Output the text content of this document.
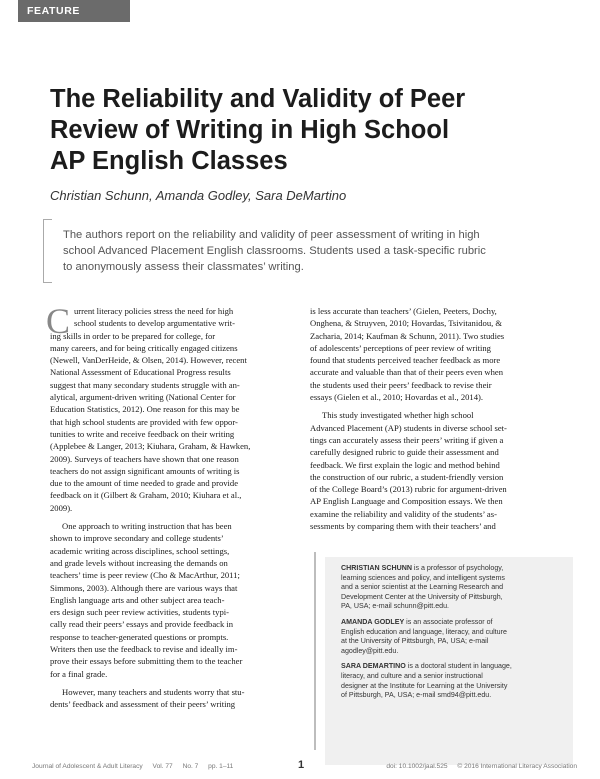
FEATURE ARTICLE
The Reliability and Validity of Peer
Review of Writing in High School
AP English Classes
Christian Schunn, Amanda Godley, Sara DeMartino
The authors report on the reliability and validity of peer assessment of writing in high
school Advanced Placement English classrooms. Students used a task-specific rubric
to anonymously assess their classmates’ writing.
C urrent literacy policies stress the need for high
school students to develop argumentative writ-
ing skills in order to be prepared for college, for
many careers, and for being critically engaged citizens
(Newell, VanDerHeide, & Olsen, 2014). However, recent
National Assessment of Educational Progress results
suggest that many secondary students struggle with an-
alytical, argument-driven writing (National Center for
Education Statistics, 2012). One reason for this may be
that high school students are provided with few oppor-
tunities to write and receive feedback on their writing
(Applebee & Langer, 2013; Kiuhara, Graham, & Hawken,
2009). Surveys of teachers have shown that one reason
teachers do not assign significant amounts of writing is
due to the amount of time needed to grade and provide
feedback on it (Gilbert & Graham, 2010; Kiuhara et al.,
2009).
One approach to writing instruction that has been
shown to improve secondary and college students’
academic writing across disciplines, school settings,
and grade levels without increasing the demands on
teachers’ time is peer review (Cho & MacArthur, 2011;
Simmons, 2003). Although there are various ways that
English language arts and other subject area teach-
ers design such peer review activities, students typi-
cally read their peers’ essays and provide feedback in
response to teacher-generated questions or prompts.
Writers then use the feedback to revise and ideally im-
prove their essays before submitting them to the teacher
for a final grade.
However, many teachers and students worry that stu-
dents’ feedback and assessment of their peers’ writing
is less accurate than teachers’ (Gielen, Peeters, Dochy,
Onghena, & Struyven, 2010; Hovardas, Tsivitanidou, &
Zacharia, 2014; Kaufman & Schunn, 2011). Two studies
of adolescents’ perceptions of peer review of writing
found that students perceived teacher feedback as more
accurate and valuable than that of their peers even when
the students used their peers’ feedback to revise their
essays (Gielen et al., 2010; Hovardas et al., 2014).
This study investigated whether high school
Advanced Placement (AP) students in diverse school set-
tings can accurately assess their peers’ writing if given a
carefully designed rubric to guide their assessment and
feedback. We first explain the logic and method behind
the construction of our rubric, a student-friendly version
of the College Board’s (2013) rubric for argument-driven
AP English Language and Composition essays. We then
examine the reliability and validity of the students’ as-
sessments by comparing them with their teachers’ and

CHRISTIAN SCHUNN is a professor of psychology,
learning sciences and policy, and intelligent systems
and a senior scientist at the Learning Research and
Development Center at the University of Pittsburgh,
PA, USA; e-mail schunn@pitt.edu.

AMANDA GODLEY is an associate professor of
English education and language, literacy, and culture
at the University of Pittsburgh, PA, USA; e-mail
agodley@pitt.edu.

SARA DEMARTINO is a doctoral student in language,
literacy, and culture and a senior instructional
designer at the Institute for Learning at the University
of Pittsburgh, PA, USA; e-mail smd94@pitt.edu.

Journal of Adolescent & Adult Literacy Vol. 77 No. 7 pp. 1–11	1	doi: 10.1002/jaal.525 © 2016 International Literacy Association
